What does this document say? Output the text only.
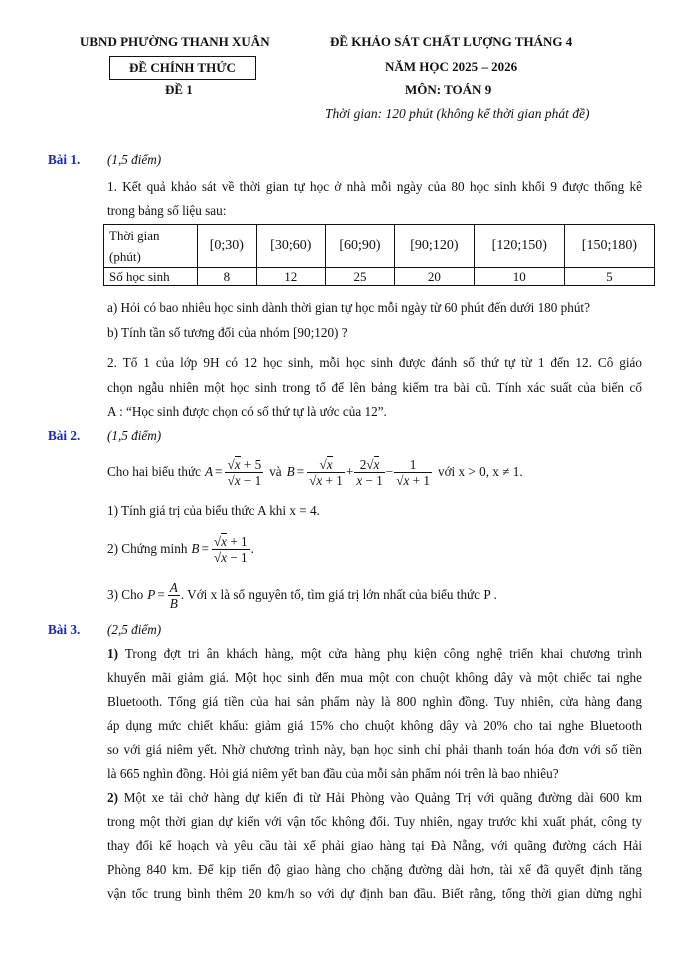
UBND PHƯỜNG THANH XUÂN
ĐỀ CHÍNH THỨC
ĐỀ 1
ĐỀ KHẢO SÁT CHẤT LƯỢNG THÁNG 4
NĂM HỌC 2025 – 2026
MÔN: TOÁN 9
Thời gian: 120 phút (không kể thời gian phát đề)
Bài 1. (1,5 điểm)
1. Kết quả khảo sát về thời gian tự học ở nhà mỗi ngày của 80 học sinh khối 9 được thống kê
trong bảng số liệu sau:
Thời gian
(phút)	[0;30)	[30;60)	[60;90)	[90;120)	[120;150)	[150;180)
Số học sinh	8	12	25	20	10	5
a) Hỏi có bao nhiêu học sinh dành thời gian tự học mỗi ngày từ 60 phút đến dưới 180 phút?
b) Tính tần số tương đối của nhóm [90;120) ?
2. Tổ 1 của lớp 9H có 12 học sinh, mỗi học sinh được đánh số thứ tự từ 1 đến 12. Cô giáo
chọn ngẫu nhiên một học sinh trong tổ để lên bảng kiểm tra bài cũ. Tính xác suất của biến cố
A : “Học sinh được chọn có số thứ tự là ước của 12”.
Bài 2. (1,5 điểm)
Cho hai biểu thức $A = \frac{√x + 5}{√x - 1}$ và $B = \frac{√x}{√x + 1} + \frac{2√x}{x - 1} - \frac{1}{√x + 1}$ với x > 0, x ≠ 1.
1) Tính giá trị của biểu thức A khi x = 4.
2) Chứng minh $B = \frac{√x + 1}{√x - 1}$ .
3) Cho $P = \frac{A}{B}$ . Với x là số nguyên tố, tìm giá trị lớn nhất của biểu thức P .
Bài 3. (2,5 điểm)
1) Trong đợt tri ân khách hàng, một cửa hàng phụ kiện công nghệ triển khai chương trình
khuyến mãi giảm giá. Một học sinh đến mua một con chuột không dây và một chiếc tai nghe
Bluetooth. Tổng giá tiền của hai sản phẩm này là 800 nghìn đồng. Tuy nhiên, cửa hàng đang
áp dụng mức chiết khấu: giảm giá 15% cho chuột không dây và 20% cho tai nghe Bluetooth
so với giá niêm yết. Nhờ chương trình này, bạn học sinh chỉ phải thanh toán hóa đơn với số tiền
là 665 nghìn đồng. Hỏi giá niêm yết ban đầu của mỗi sản phẩm nói trên là bao nhiêu?
2) Một xe tải chở hàng dự kiến đi từ Hải Phòng vào Quảng Trị với quãng đường dài 600 km
trong một thời gian dự kiến với vận tốc không đổi. Tuy nhiên, ngay trước khi xuất phát, công ty
thay đổi kế hoạch và yêu cầu tài xế phải giao hàng tại Đà Nẵng, với quãng đường cách Hải
Phòng 840 km. Để kịp tiến độ giao hàng cho chặng đường dài hơn, tài xế đã quyết định tăng
vận tốc trung bình thêm 20 km/h so với dự định ban đầu. Biết rằng, tổng thời gian dừng nghỉ
